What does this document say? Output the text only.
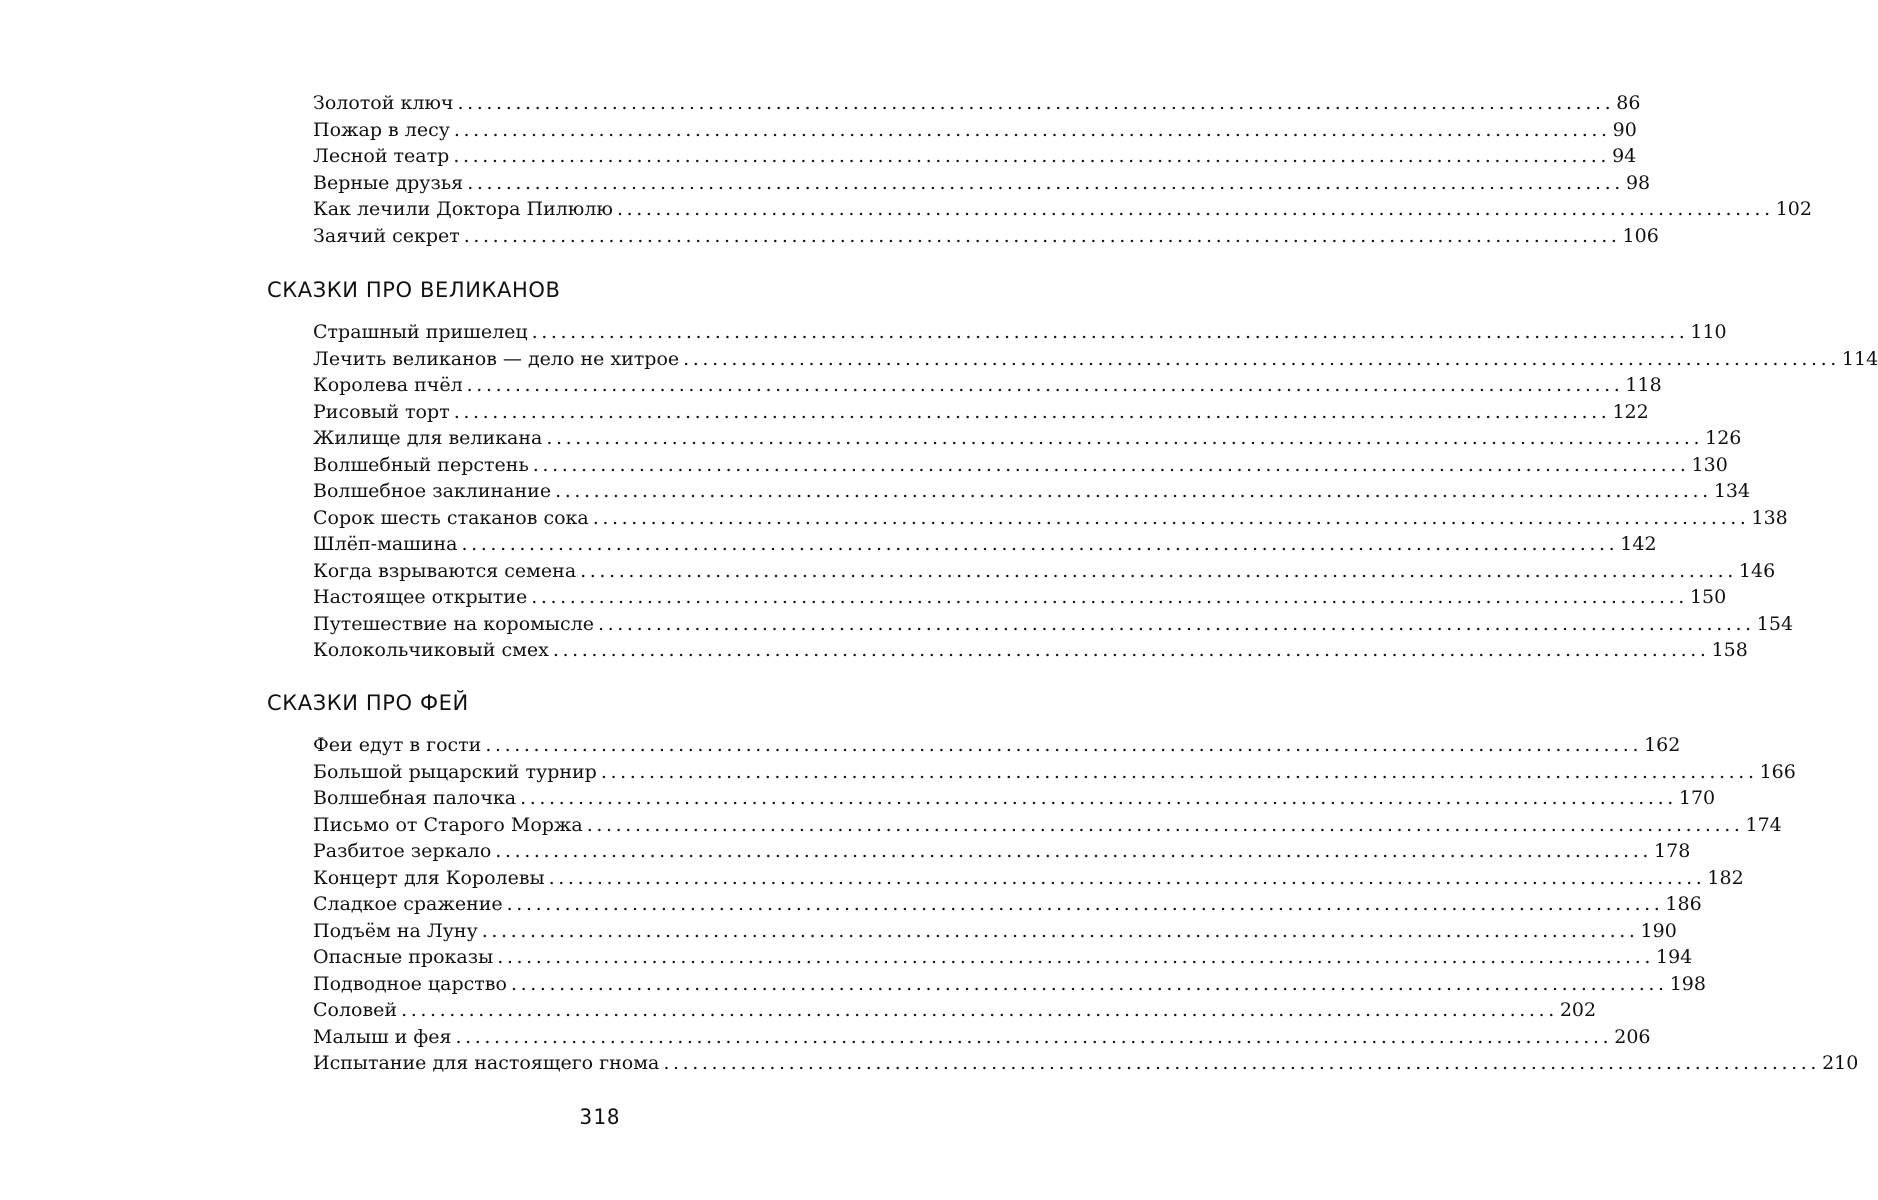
Золотой ключ ........................................................................................................................ 86
Пожар в лесу ........................................................................................................................ 90
Лесной театр ........................................................................................................................ 94
Верные друзья ........................................................................................................................ 98
Как лечили Доктора Пилюлю ........................................................................................................................ 102
Заячий секрет ........................................................................................................................ 106
СКАЗКИ ПРО ВЕЛИКАНОВ
Страшный пришелец ........................................................................................................................ 110
Лечить великанов — дело не хитрое ........................................................................................................................ 114
Королева пчёл ........................................................................................................................ 118
Рисовый торт ........................................................................................................................ 122
Жилище для великана ........................................................................................................................ 126
Волшебный перстень ........................................................................................................................ 130
Волшебное заклинание ........................................................................................................................ 134
Сорок шесть стаканов сока ........................................................................................................................ 138
Шлёп-машина ........................................................................................................................ 142
Когда взрываются семена ........................................................................................................................ 146
Настоящее открытие ........................................................................................................................ 150
Путешествие на коромысле ........................................................................................................................ 154
Колокольчиковый смех ........................................................................................................................ 158
СКАЗКИ ПРО ФЕЙ
Феи едут в гости ........................................................................................................................ 162
Большой рыцарский турнир ........................................................................................................................ 166
Волшебная палочка ........................................................................................................................ 170
Письмо от Старого Моржа ........................................................................................................................ 174
Разбитое зеркало ........................................................................................................................ 178
Концерт для Королевы ........................................................................................................................ 182
Сладкое сражение ........................................................................................................................ 186
Подъём на Луну ........................................................................................................................ 190
Опасные проказы ........................................................................................................................ 194
Подводное царство ........................................................................................................................ 198
Соловей ........................................................................................................................ 202
Малыш и фея ........................................................................................................................ 206
Испытание для настоящего гнома ........................................................................................................................ 210
318
